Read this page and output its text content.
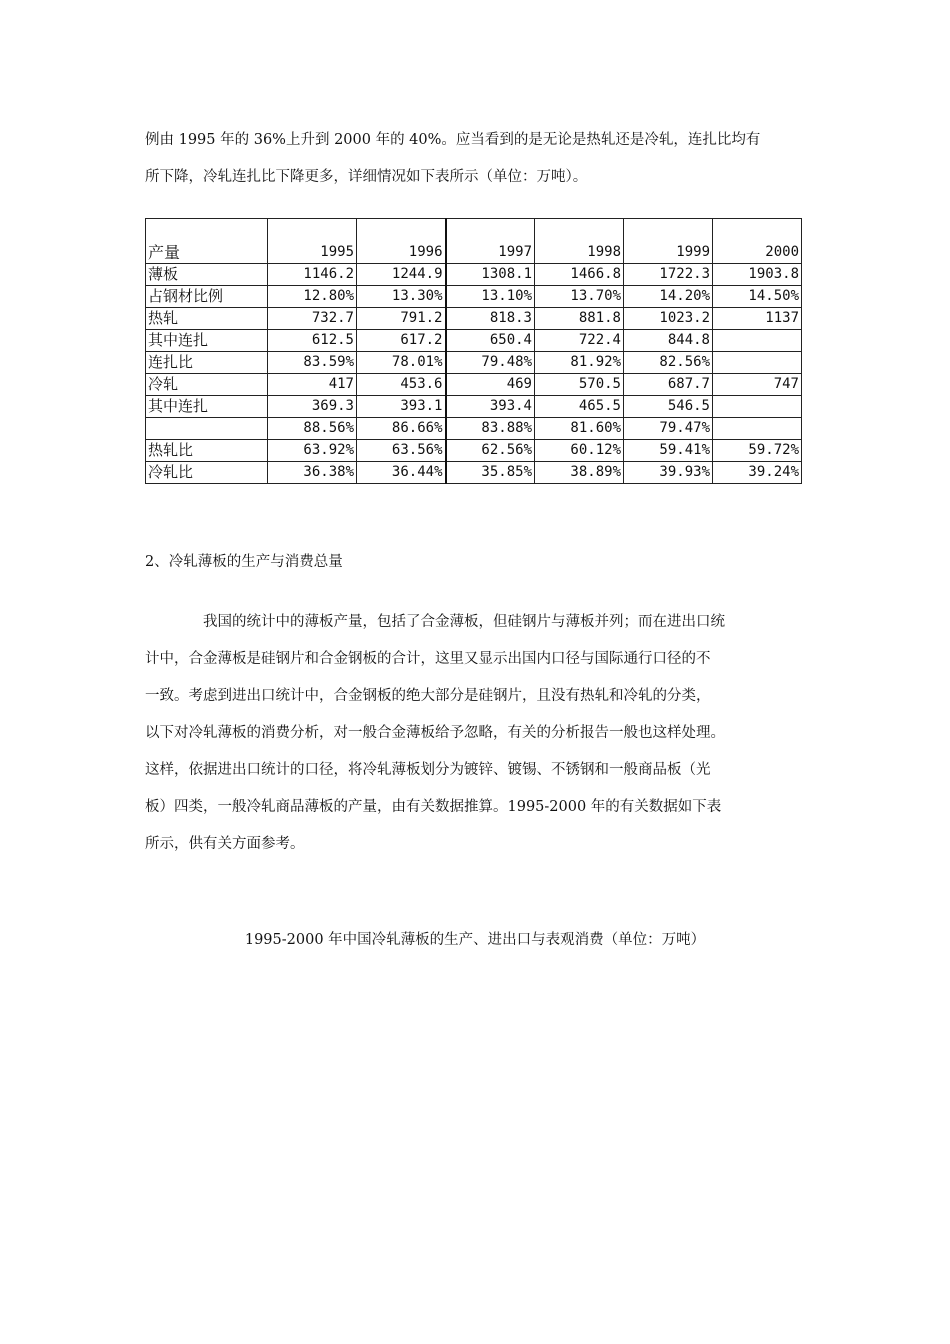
例由 1995 年的 36%上升到 2000 年的 40%。应当看到的是无论是热轧还是冷轧，连扎比均有
所下降，冷轧连扎比下降更多，详细情况如下表所示（单位：万吨）。

产量	1995	1996	1997	1998	1999	2000
薄板	1146.2	1244.9	1308.1	1466.8	1722.3	1903.8
占钢材比例	12.80%	13.30%	13.10%	13.70%	14.20%	14.50%
热轧	732.7	791.2	818.3	881.8	1023.2	1137
其中连扎	612.5	617.2	650.4	722.4	844.8	
连扎比	83.59%	78.01%	79.48%	81.92%	82.56%	
冷轧	417	453.6	469	570.5	687.7	747
其中连扎	369.3	393.1	393.4	465.5	546.5	
	88.56%	86.66%	83.88%	81.60%	79.47%	
热轧比	63.92%	63.56%	62.56%	60.12%	59.41%	59.72%
冷轧比	36.38%	36.44%	35.85%	38.89%	39.93%	39.24%

2、冷轧薄板的生产与消费总量

我国的统计中的薄板产量，包括了合金薄板，但硅钢片与薄板并列；而在进出口统
计中，合金薄板是硅钢片和合金钢板的合计，这里又显示出国内口径与国际通行口径的不
一致。考虑到进出口统计中，合金钢板的绝大部分是硅钢片，且没有热轧和冷轧的分类，
以下对冷轧薄板的消费分析，对一般合金薄板给予忽略，有关的分析报告一般也这样处理。
这样，依据进出口统计的口径，将冷轧薄板划分为镀锌、镀锡、不锈钢和一般商品板（光
板）四类，一般冷轧商品薄板的产量，由有关数据推算。1995-2000 年的有关数据如下表
所示，供有关方面参考。

1995-2000 年中国冷轧薄板的生产、进出口与表观消费（单位：万吨）
